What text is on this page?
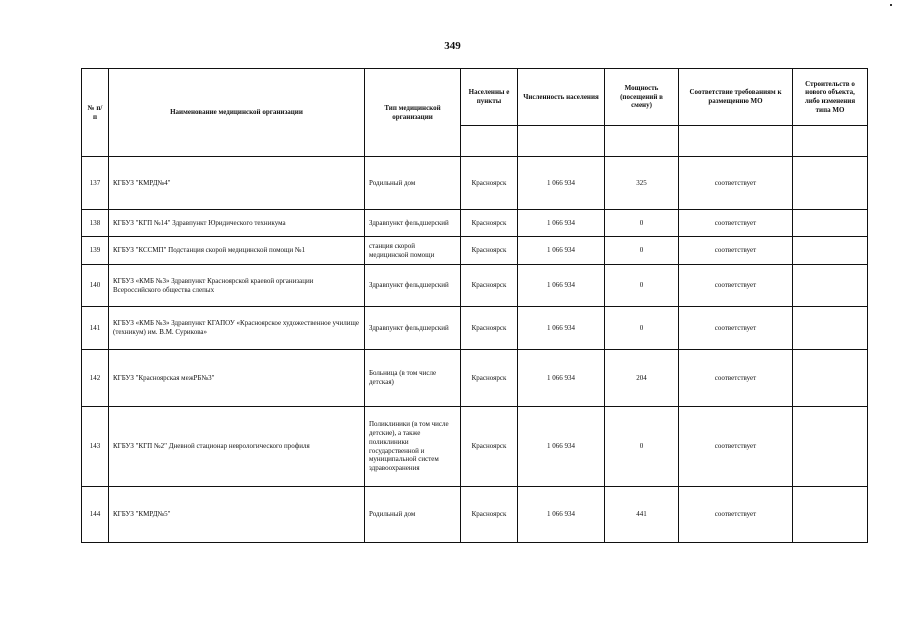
349
№ п/п	Наименование медицинской организации	Тип медицинской организации	Населенны е пункты	Численность населения	Мощность (посещений в смену)	Соответствие требованиям к размещению МО	Строительств о нового объекта, либо изменения типа МО

137	КГБУЗ "КМРД№4"	Родильный дом	Красноярск	1 066 934	325	соответствует	
138	КГБУЗ "КГП №14" Здравпункт Юридического техникума	Здравпункт фельдшерский	Красноярск	1 066 934	0	соответствует	
139	КГБУЗ "КССМП" Подстанция скорой медицинской помощи №1	станция скорой медицинской помощи	Красноярск	1 066 934	0	соответствует	
140	КГБУЗ «КМБ №3» Здравпункт Красноярской краевой организации Всероссийского общества слепых	Здравпункт фельдшерский	Красноярск	1 066 934	0	соответствует	
141	КГБУЗ «КМБ №3» Здравпункт КГАПОУ «Красноярское художественное училище (техникум) им. В.М. Сурикова»	Здравпункт фельдшерский	Красноярск	1 066 934	0	соответствует	
142	КГБУЗ "Красноярская межРБ№3"	Больница (в том числе детская)	Красноярск	1 066 934	204	соответствует	
143	КГБУЗ "КГП №2" Дневной стационар неврологического профиля	Поликлиники (в том числе детские), а также поликлиники государственной и муниципальной систем здравоохранения	Красноярск	1 066 934	0	соответствует	
144	КГБУЗ "КМРД№5"	Родильный дом	Красноярск	1 066 934	441	соответствует	
